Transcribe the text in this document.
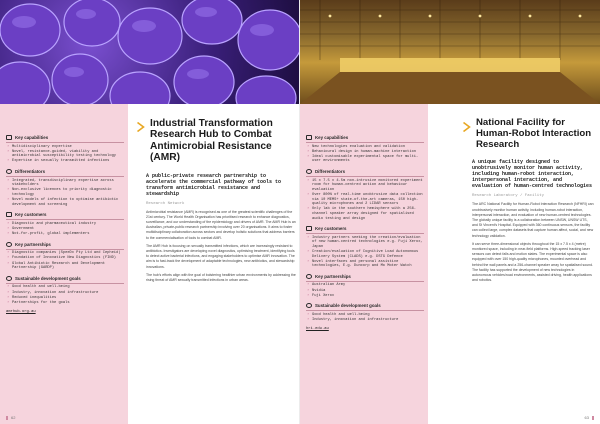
Key capabilities
› Multidisciplinary expertise
› Novel, resistance-guided, viability and antimicrobial susceptibility testing technology
› Expertise in sexually transmitted infections
Differentiators
› Integrated, transdisciplinary expertise across stakeholders
› Non-exclusive licences to priority diagnostic technology
› Novel models of infection to optimise antibiotic development and screening
Key customers
› Diagnostic and pharmaceutical industry
› Government
› Not-for-profit, global implementers
Key partnerships
› Diagnostic companies (SpeeDx Pty Ltd and Cepheid)
› Foundation of Innovative New Diagnostics (FIND)
› Global Antibiotic Research and Development Partnership (GARDP)
Sustainable development goals
› Good health and well-being
› Industry, innovation and infrastructure
› Reduced inequalities
› Partnerships for the goals
amrhub.org.au
Industrial Transformation Research Hub to Combat Antimicrobial Resistance (AMR)
A public-private research partnership to accelerate the commercial pathway of tools to transform antimicrobial resistance and stewardship
Research Network

Antimicrobial resistance (AMR) is recognised as one of the greatest scientific challenges of the 21st century. The World Health Organisation has prioritised research to enhance diagnostics, surveillance, and our understanding of the epidemiology and drivers of AMR. The AMR Hub is an Australian, private-public research partnership involving over 20 organisations. It aims to foster multidisciplinary collaboration across sectors and develop holistic solutions that address barriers to the commercialisation of tools to combat AMR.

The AMR Hub is focusing on sexually transmitted infections, which are increasingly resistant to antibiotics. Investigators are developing novel diagnostics, optimising treatment, identifying tools to detect active bacterial infections, and engaging stakeholders to optimise AMR innovation. The aim is to fast-track the development of adaptable technologies, new antibiotics, and stewardship innovations.

The hub's efforts align with the goal of bolstering healthier urban environments by addressing the rising threat of AMR sexually transmitted infections in urban areas.

62
Key capabilities
› New technologies evaluation and validation
› Behavioural design in human-machine interaction
› Ideal customisable experimental space for multi-user environments
Differentiators
› 15 x 7.5 x 4.5m non-intrusive monitored experiment room for human-centred action and behaviour evaluation
› Over 800% of real-time unobtrusive data collection via 10 MEMS+ state-of-the-art cameras, 150 high-quality microphones and 2 LIDAR sensors
› Only lab in the southern hemisphere with a 256-channel speaker array designed for spatialised audio testing and design
Key customers
› Industry partners seeking the creation/evaluation of new human-centred technologies e.g. Fuji Xerox, Japan
› Creation/evaluation of Cognitive Load Autonomous Delivery System (CLADS) e.g. DSTG Defence
› Novel interfaces and personal assistive technologies, E.g. Duncorp and Mo Moter Watch
Key partnerships
› Australian Army
› Nvidia
› Fuji Xerox
Sustainable development goals
› Good health and well-being
› Industry, innovation and infrastructure
hri.edu.au
National Facility for Human-Robot Interaction Research
A unique facility designed to unobtrusively monitor human activity, including human-robot interaction, interpersonal interaction, and evaluation of human-centred technologies
Research Laboratory / Facility

The ARC National Facility for Human-Robot Interaction Research (NFHRI) can unobtrusively monitor human activity, including human-robot interaction, interpersonal interaction, and evaluation of new human-centred technologies. The globally unique facility is a collaboration between UNSW, UNSW UTS, and St Vincent's Hospital. Equipped with 360 continuous sensors, the facility can collect large, complex datasets that capture human affect, social, and new technology validation.

It can serve three-dimensional objects throughout the 15 x 7.5 x 4 (metre) monitored space, including in near-field platforms. High-speed tracking laser sensors can detect falls and motion states. The experimental space is also equipped with over 150 high-quality microphones, mounted overhead and behind the wall panels and a 256-channel speaker array for spatialised sound. The facility has supported the development of new technologies in autonomous vehicles/road environments, assisted driving, health applications and robotics.

63
